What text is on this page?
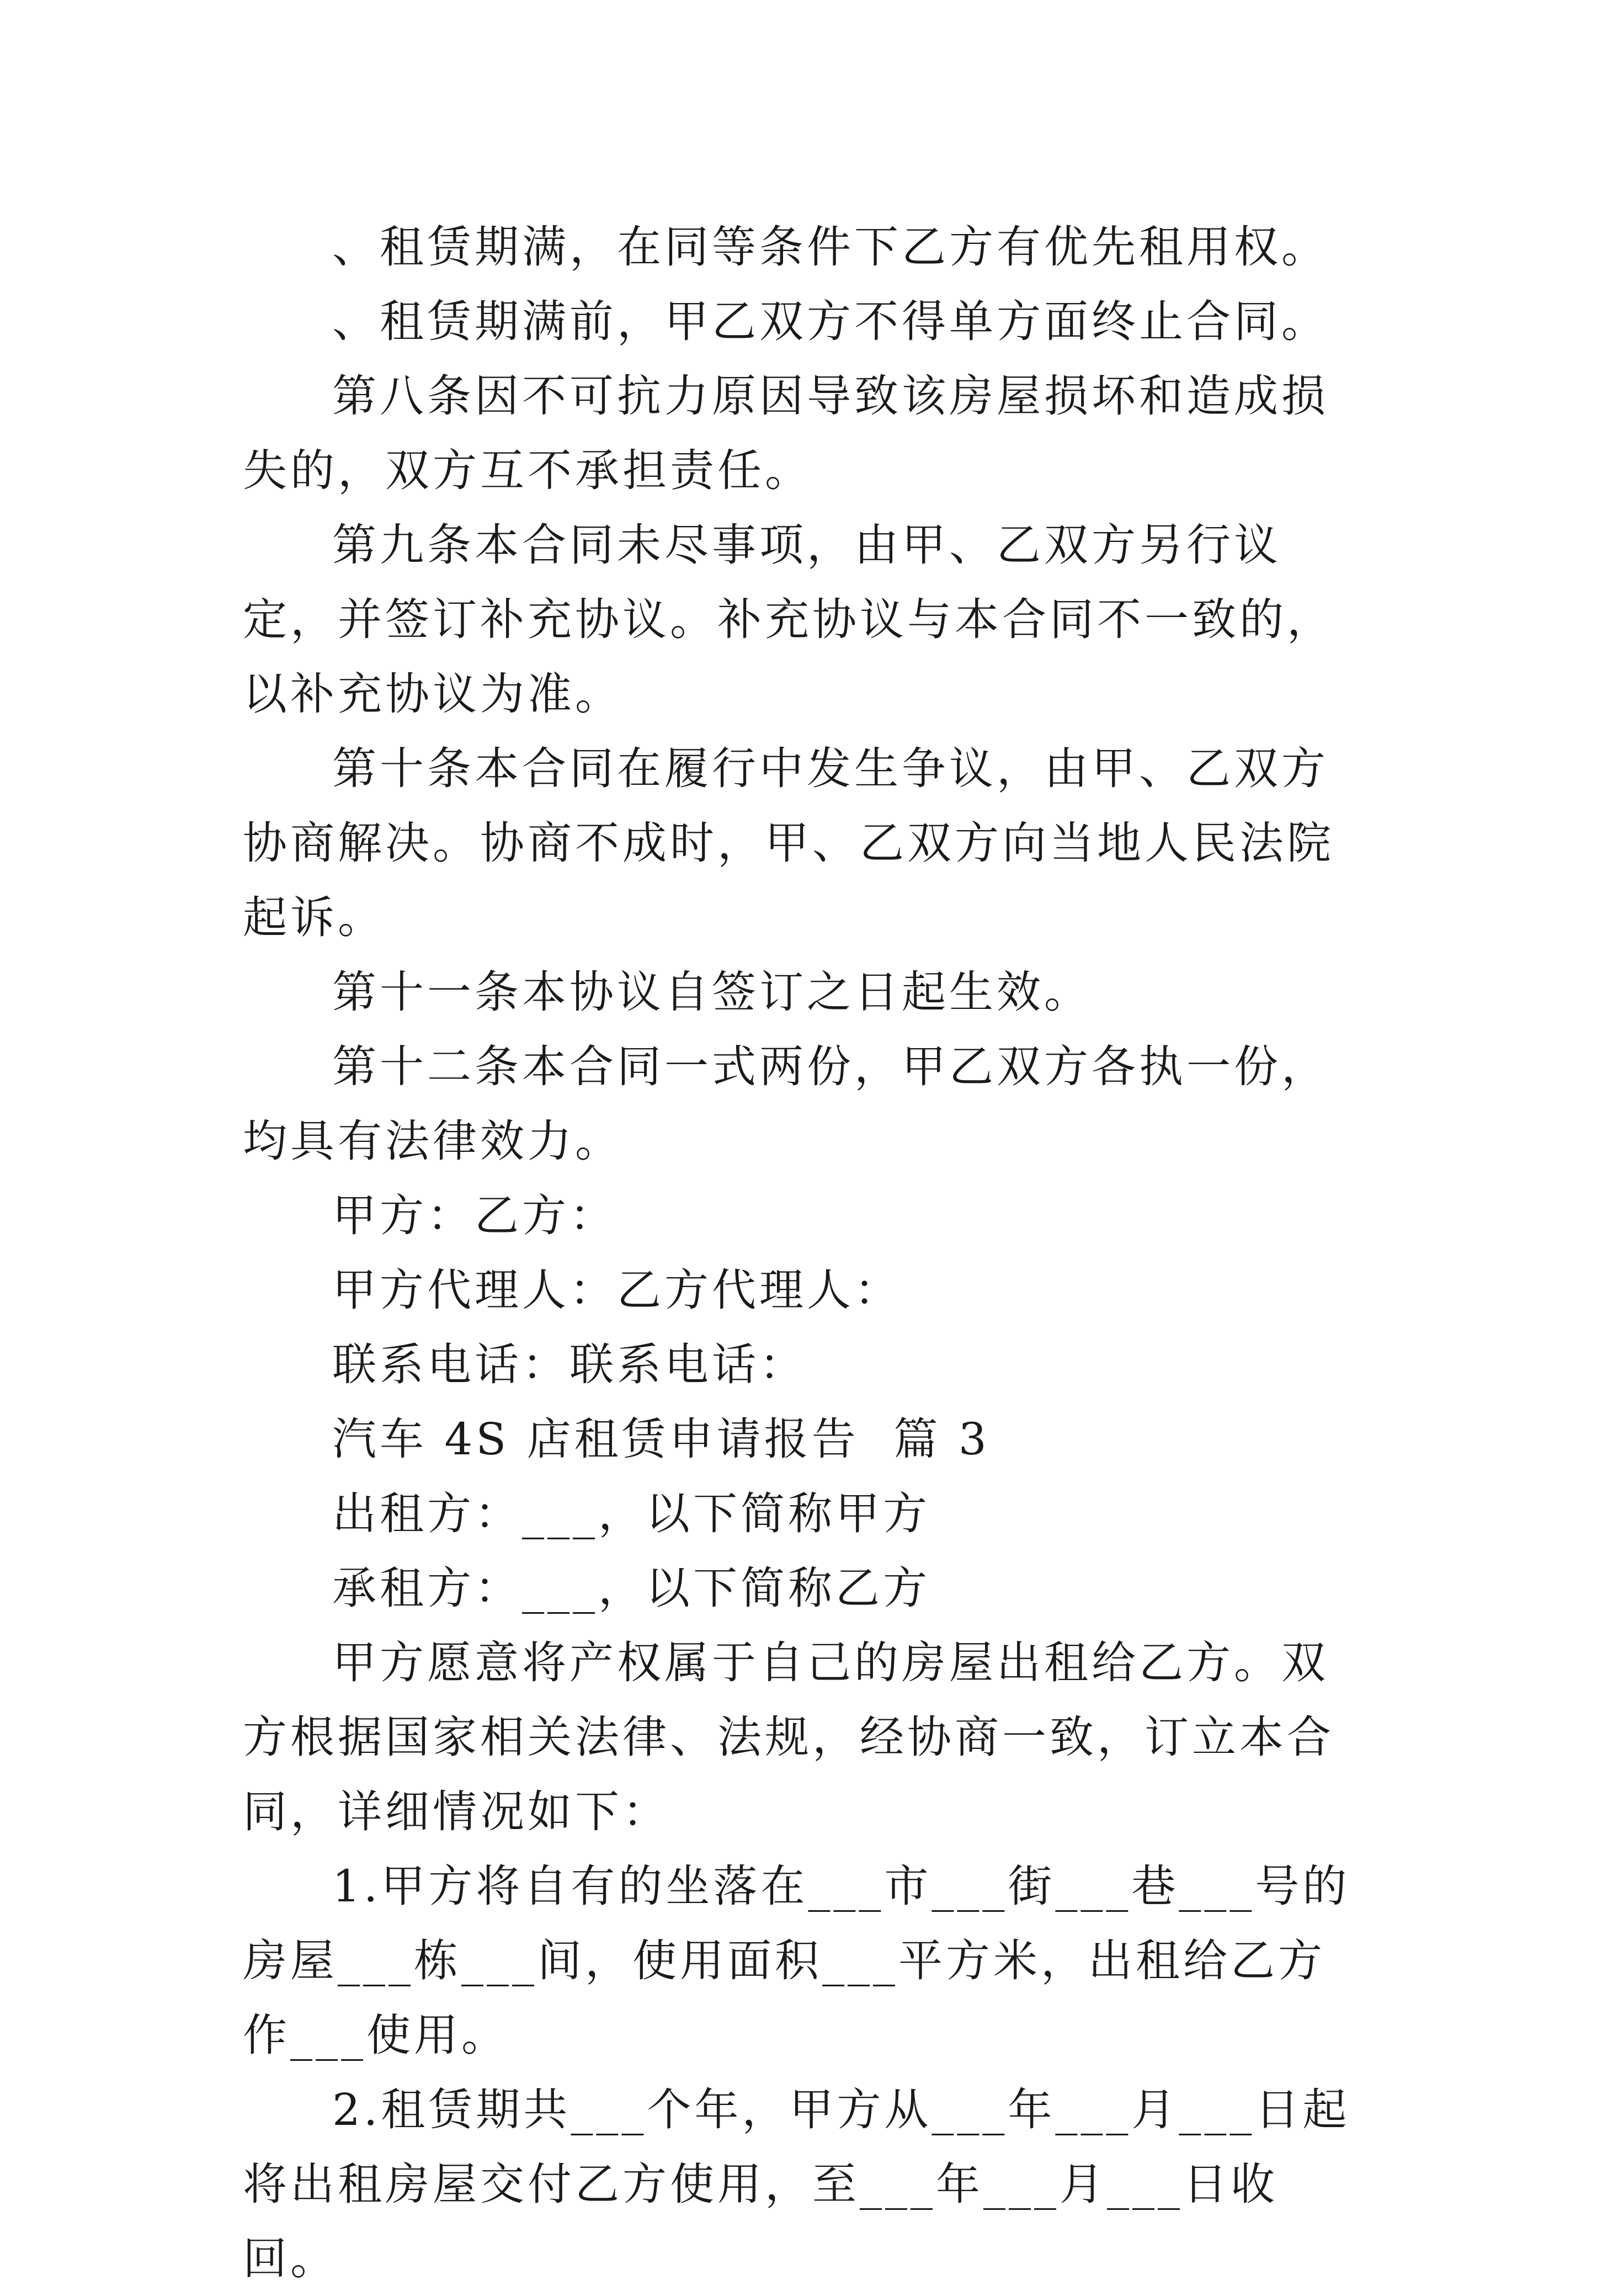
、租赁期满，在同等条件下乙方有优先租用权。

、租赁期满前，甲乙双方不得单方面终止合同。

第八条因不可抗力原因导致该房屋损坏和造成损失的，双方互不承担责任。

第九条本合同未尽事项，由甲、乙双方另行议定，并签订补充协议。补充协议与本合同不一致的，以补充协议为准。

第十条本合同在履行中发生争议，由甲、乙双方协商解决。协商不成时，甲、乙双方向当地人民法院起诉。

第十一条本协议自签订之日起生效。

第十二条本合同一式两份，甲乙双方各执一份，均具有法律效力。

甲方：乙方：

甲方代理人：乙方代理人：

联系电话：联系电话：

汽车 4S 店租赁申请报告  篇 3

出租方：___，以下简称甲方

承租方：___，以下简称乙方

甲方愿意将产权属于自己的房屋出租给乙方。双方根据国家相关法律、法规，经协商一致，订立本合同，详细情况如下：

1.甲方将自有的坐落在___市___街___巷___号的房屋___栋___间，使用面积___平方米，出租给乙方作___使用。

2.租赁期共___个年，甲方从___年___月___日起将出租房屋交付乙方使用，至___年___月___日收回。
